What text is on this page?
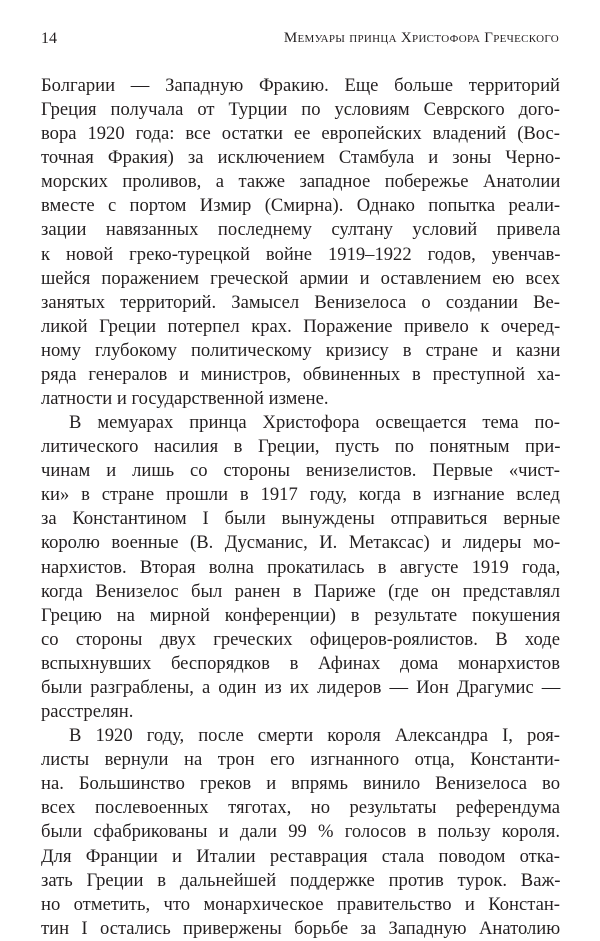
14	Мемуары принца Христофора Греческого
Болгарии — Западную Фракию. Еще больше территорий
Греция получала от Турции по условиям Севрского дого-
вора 1920 года: все остатки ее европейских владений (Вос-
точная Фракия) за исключением Стамбула и зоны Черно-
морских проливов, а также западное побережье Анатолии
вместе с портом Измир (Смирна). Однако попытка реали-
зации навязанных последнему султану условий привела
к новой греко-турецкой войне 1919–1922 годов, увенчав-
шейся поражением греческой армии и оставлением ею всех
занятых территорий. Замысел Венизелоса о создании Ве-
ликой Греции потерпел крах. Поражение привело к очеред-
ному глубокому политическому кризису в стране и казни
ряда генералов и министров, обвиненных в преступной ха-
латности и государственной измене.
В мемуарах принца Христофора освещается тема по-
литического насилия в Греции, пусть по понятным при-
чинам и лишь со стороны венизелистов. Первые «чист-
ки» в стране прошли в 1917 году, когда в изгнание вслед
за Константином I были вынуждены отправиться верные
королю военные (В. Дусманис, И. Метаксас) и лидеры мо-
нархистов. Вторая волна прокатилась в августе 1919 года,
когда Венизелос был ранен в Париже (где он представлял
Грецию на мирной конференции) в результате покушения
со стороны двух греческих офицеров-роялистов. В ходе
вспыхнувших беспорядков в Афинах дома монархистов
были разграблены, а один из их лидеров — Ион Драгумис —
расстрелян.
В 1920 году, после смерти короля Александра I, роя-
листы вернули на трон его изгнанного отца, Константи-
на. Большинство греков и впрямь винило Венизелоса во
всех послевоенных тяготах, но результаты референдума
были сфабрикованы и дали 99 % голосов в пользу короля.
Для Франции и Италии реставрация стала поводом отка-
зать Греции в дальнейшей поддержке против турок. Важ-
но отметить, что монархическое правительство и Констан-
тин I остались привержены борьбе за Западную Анатолию
